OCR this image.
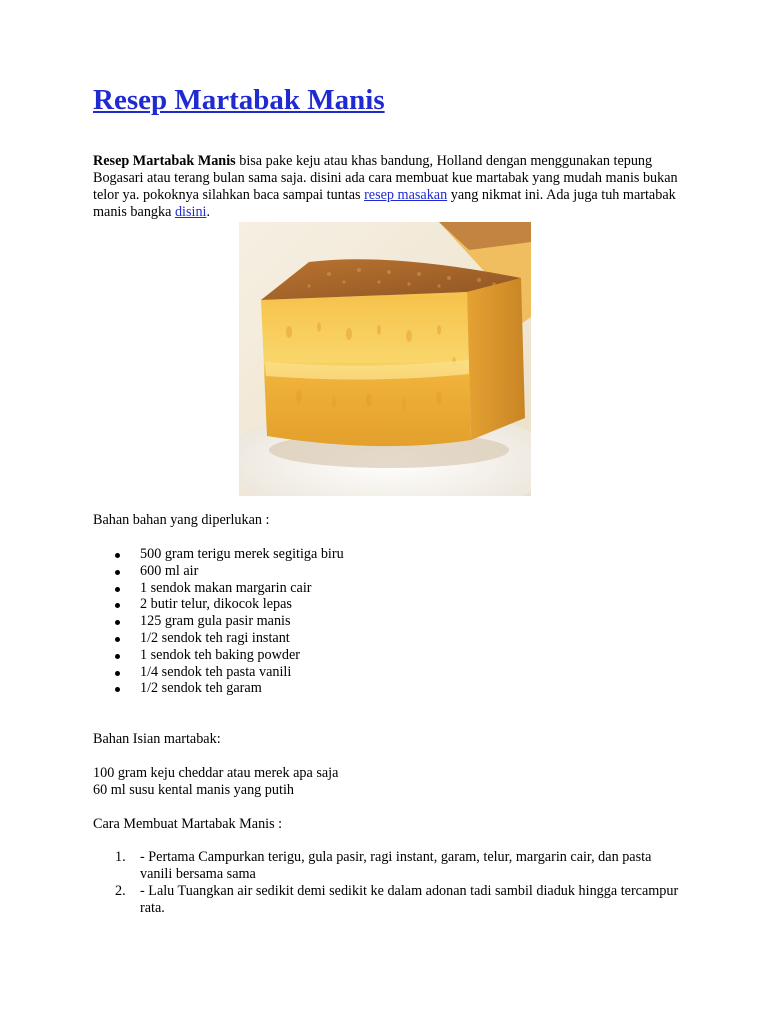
Resep Martabak Manis
Resep Martabak Manis bisa pake keju atau khas bandung, Holland dengan menggunakan tepung Bogasari atau terang bulan sama saja. disini ada cara membuat kue martabak yang mudah manis bukan telor ya. pokoknya silahkan baca sampai tuntas resep masakan yang nikmat ini. Ada juga tuh martabak manis bangka disini.

Bahan bahan yang diperlukan :

500 gram terigu merek segitiga biru
600 ml air
1 sendok makan margarin cair
2 butir telur, dikocok lepas
125 gram gula pasir manis
1/2 sendok teh ragi instant
1 sendok teh baking powder
1/4 sendok teh pasta vanili
1/2 sendok teh garam

Bahan Isian martabak:

100 gram keju cheddar atau merek apa saja

60 ml susu kental manis yang putih

Cara Membuat Martabak Manis :

1. - Pertama Campurkan terigu, gula pasir, ragi instant, garam, telur, margarin cair, dan pasta vanili bersama sama
2. - Lalu Tuangkan air sedikit demi sedikit ke dalam adonan tadi sambil diaduk hingga tercampur rata.
